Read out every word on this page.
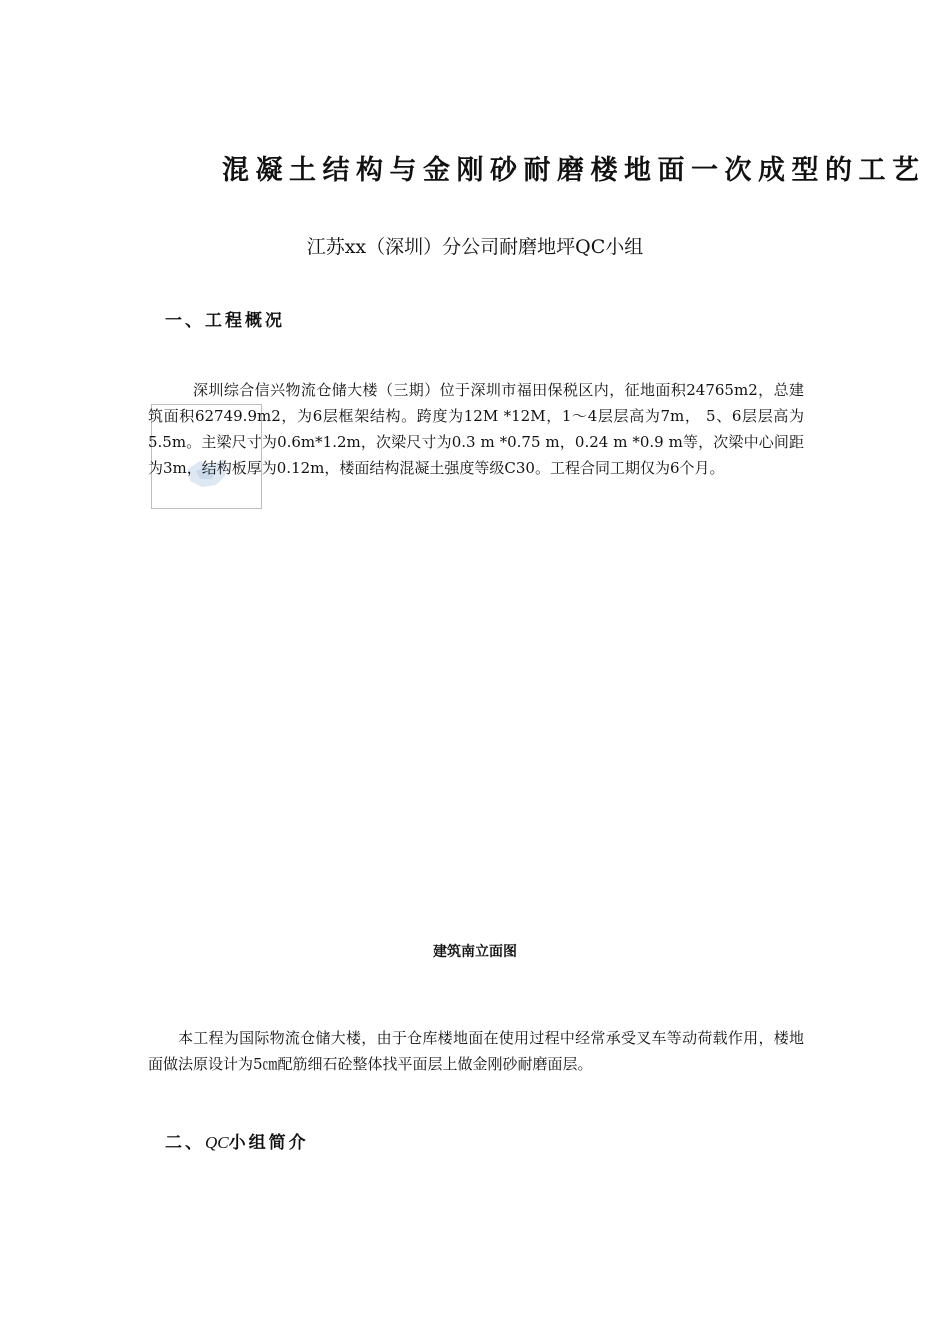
混凝土结构与金刚砂耐磨楼地面一次成型的工艺
江苏xx（深圳）分公司耐磨地坪QC小组
一、工程概况
深圳综合信兴物流仓储大楼（三期）位于深圳市福田保税区内，征地面积24765m2，总建筑面积62749.9m2，为6层框架结构。跨度为12M *12M，1～4层层高为7m， 5、6层层高为5.5m。主梁尺寸为0.6m*1.2m，次梁尺寸为0.3 m *0.75 m，0.24 m *0.9 m等，次梁中心间距为3m，结构板厚为0.12m，楼面结构混凝土强度等级C30。工程合同工期仅为6个月。
建筑南立面图
本工程为国际物流仓储大楼，由于仓库楼地面在使用过程中经常承受叉车等动荷载作用，楼地面做法原设计为5㎝配筋细石砼整体找平面层上做金刚砂耐磨面层。
二、QC小组简介
